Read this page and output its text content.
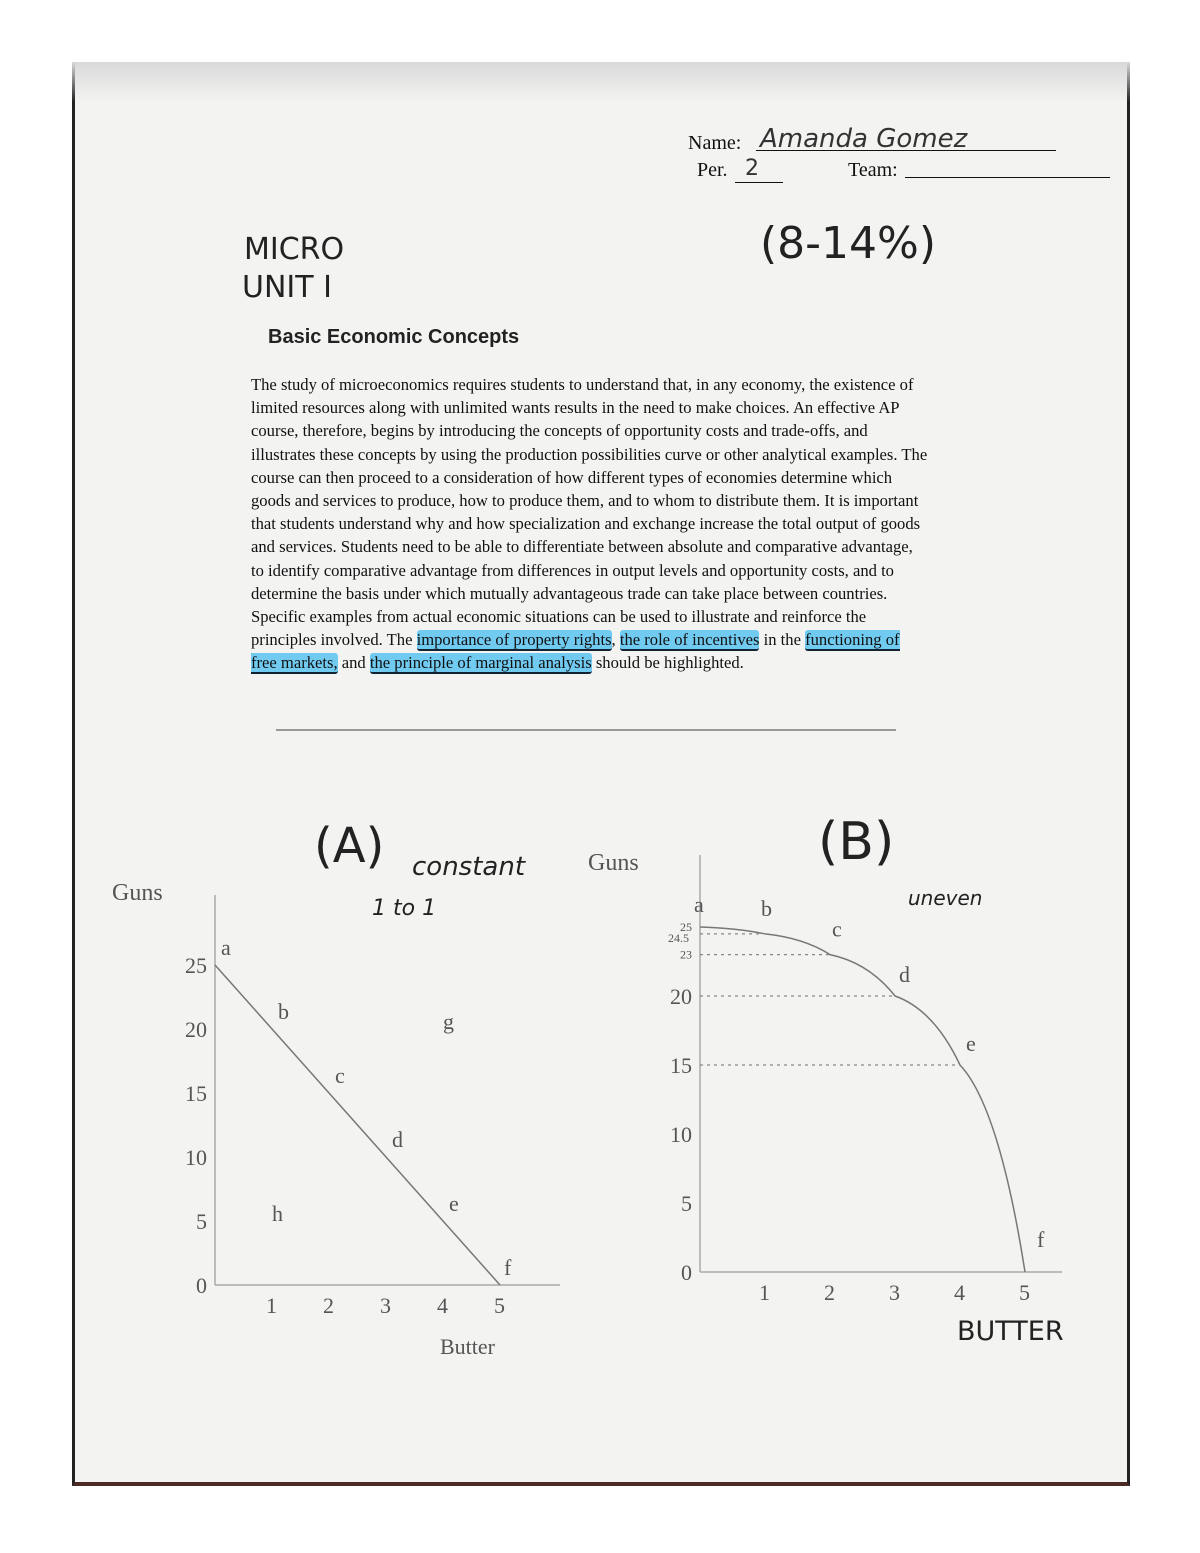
Name: Amanda Gomez
Per. 2	Team:
MICRO
UNIT I
(8-14%)
Basic Economic Concepts
The study of microeconomics requires students to understand that, in any economy, the existence of limited resources along with unlimited wants results in the need to make choices. An effective AP course, therefore, begins by introducing the concepts of opportunity costs and trade-offs, and illustrates these concepts by using the production possibilities curve or other analytical examples. The course can then proceed to a consideration of how different types of economies determine which goods and services to produce, how to produce them, and to whom to distribute them. It is important that students understand why and how specialization and exchange increase the total output of goods and services. Students need to be able to differentiate between absolute and comparative advantage, to identify comparative advantage from differences in output levels and opportunity costs, and to determine the basis under which mutually advantageous trade can take place between countries. Specific examples from actual economic situations can be used to illustrate and reinforce the principles involved. The importance of property rights, the role of incentives in the functioning of free markets, and the principle of marginal analysis should be highlighted.
(A) constant
1 to 1
(B)
uneven
BUTTER
Guns
Butter
1 2 3 4 5
0
5
10
15
20
25
a
b
c
d
e
f
g
h
Guns
1 2 3 4 5
0
5
10
15
20
23
24.5
25
a	b
c
d
e
f
